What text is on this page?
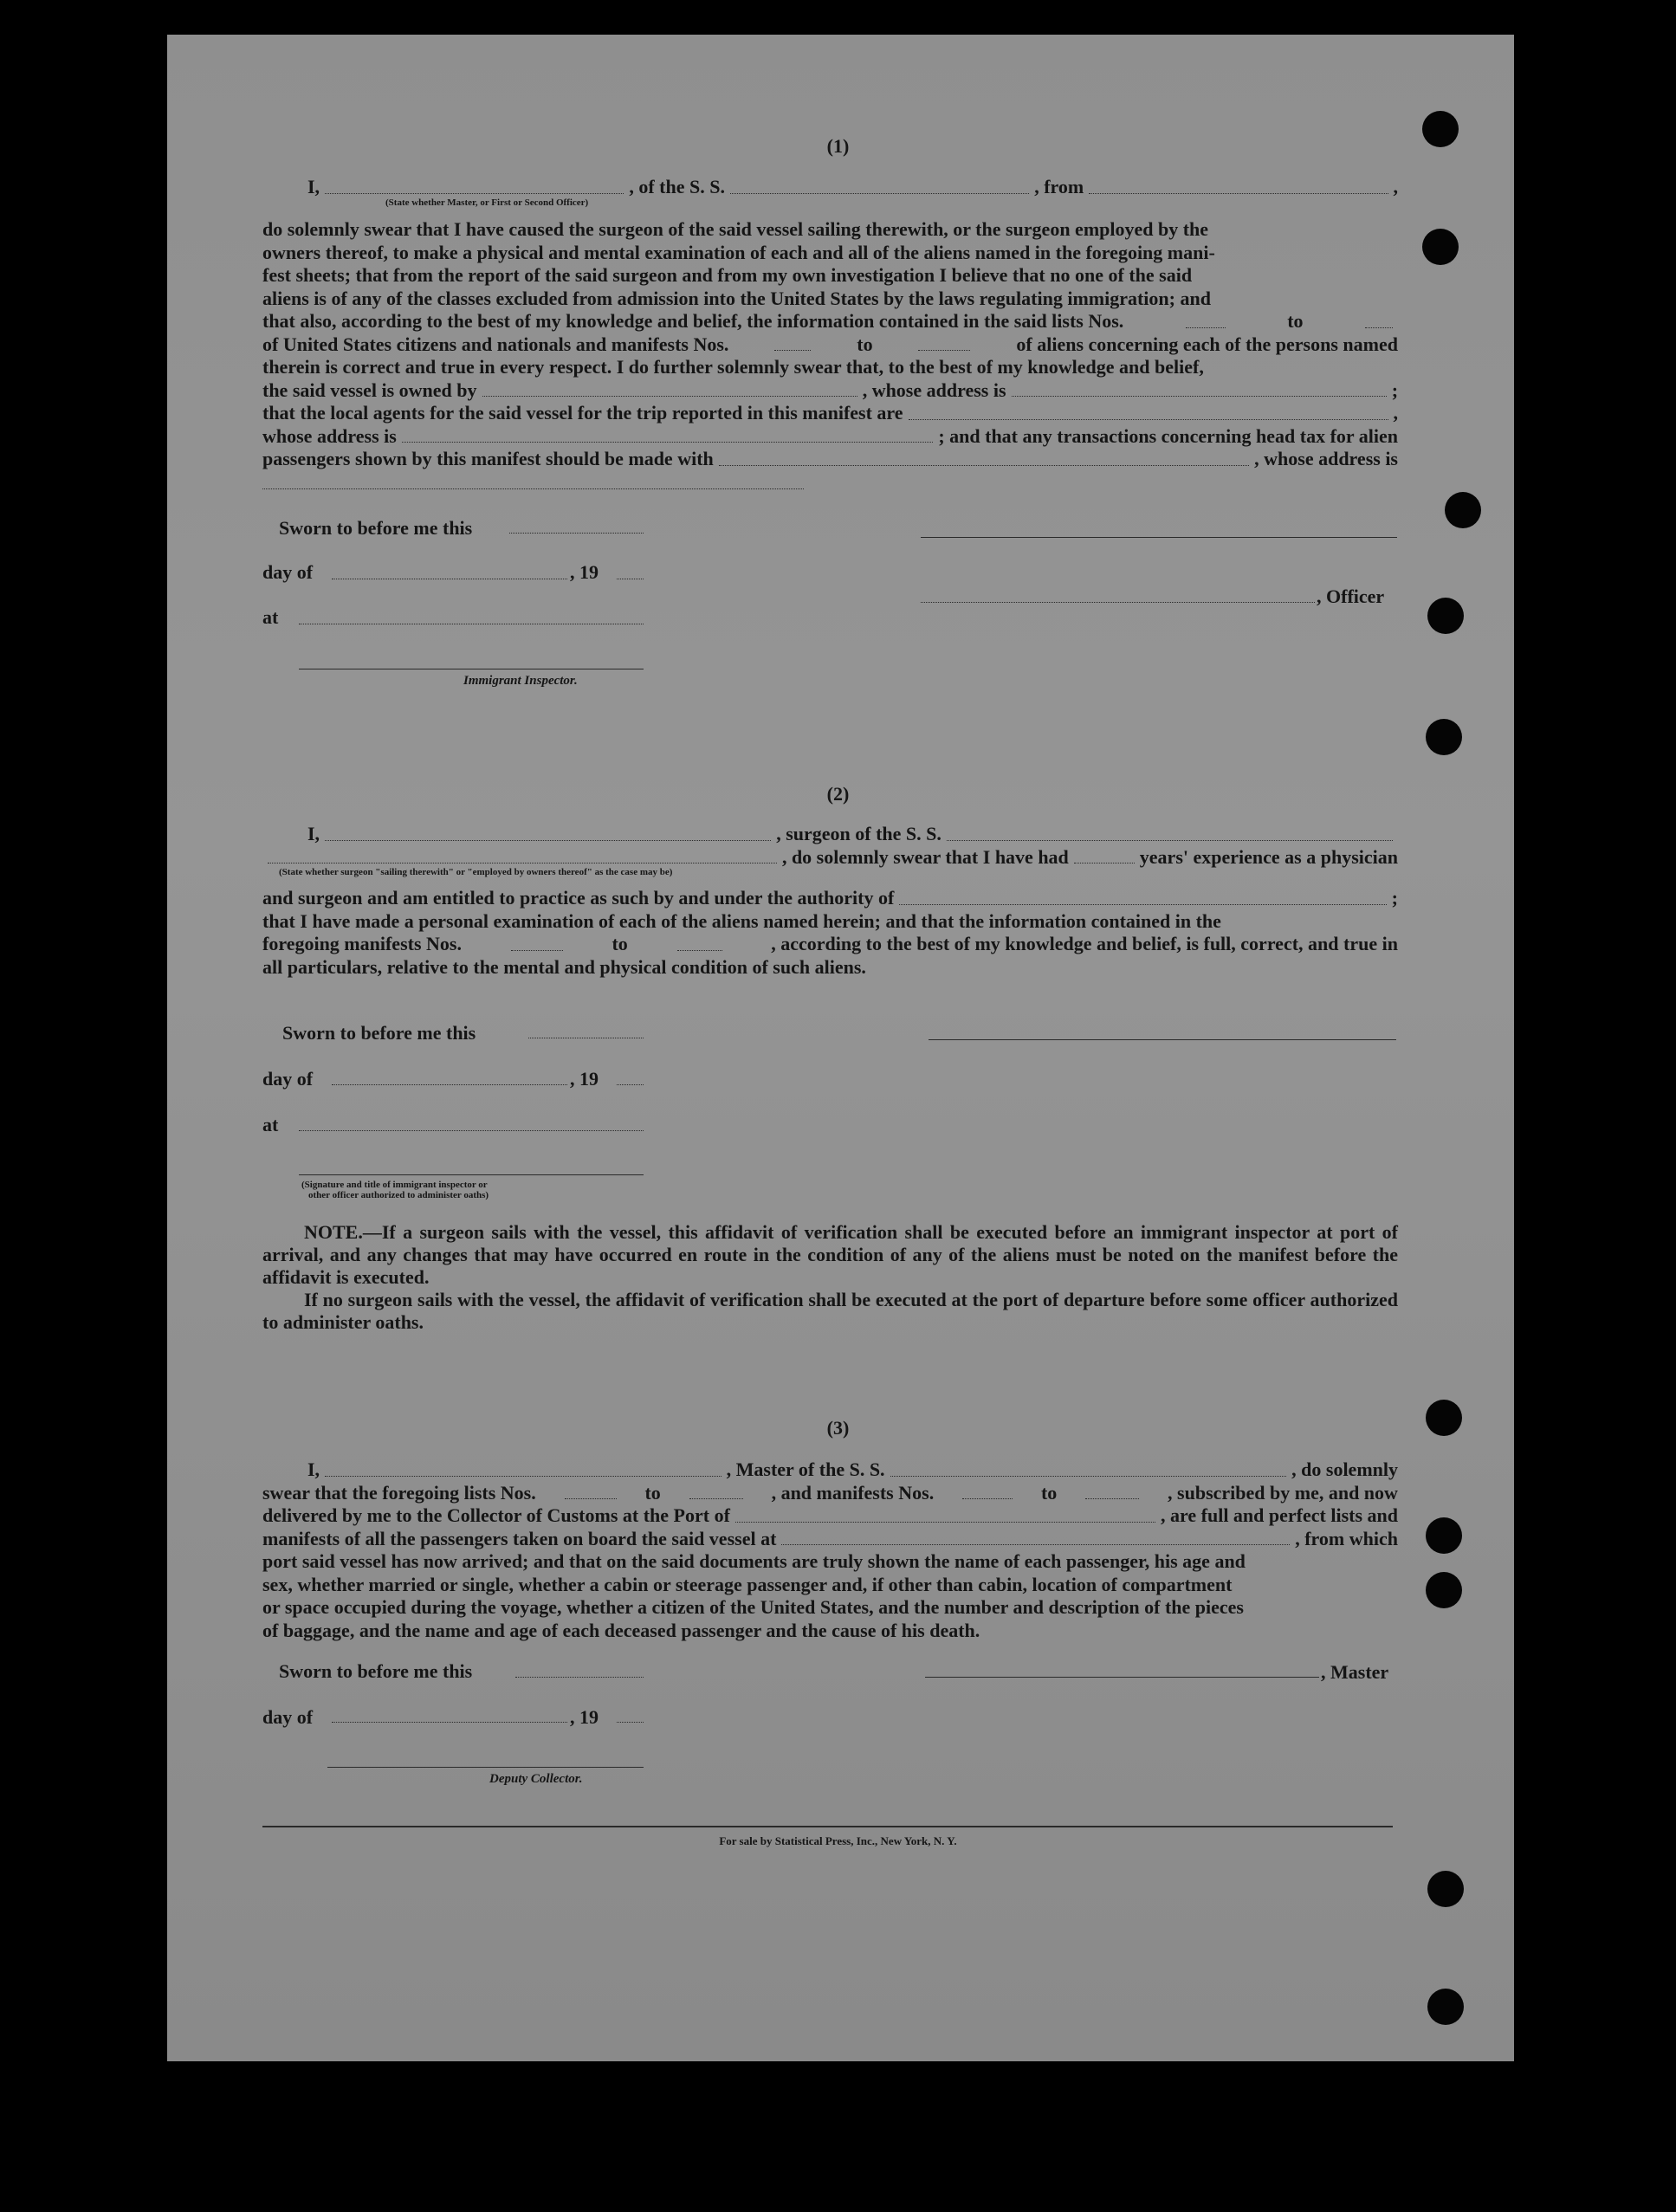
(1)
I,	, of the S. S.	, from	,
(State whether Master, or First or Second Officer)
do solemnly swear that I have caused the surgeon of the said vessel sailing therewith, or the surgeon employed by the
owners thereof, to make a physical and mental examination of each and all of the aliens named in the foregoing mani-
fest sheets; that from the report of the said surgeon and from my own investigation I believe that no one of the said
aliens is of any of the classes excluded from admission into the United States by the laws regulating immigration; and
that also, according to the best of my knowledge and belief, the information contained in the said lists Nos.	to
of United States citizens and nationals and manifests Nos.	to	of aliens concerning each of the persons named
therein is correct and true in every respect. I do further solemnly swear that, to the best of my knowledge and belief,
the said vessel is owned by	, whose address is	;
that the local agents for the said vessel for the trip reported in this manifest are	,
whose address is	; and that any transactions concerning head tax for alien
passengers shown by this manifest should be made with	, whose address is
Sworn to before me this
day of	, 19
, Officer
at
Immigrant Inspector.
(2)
I,	, surgeon of the S. S.
, do solemnly swear that I have had	years' experience as a physician
(State whether surgeon "sailing therewith" or "employed by owners thereof" as the case may be)
and surgeon and am entitled to practice as such by and under the authority of	;
that I have made a personal examination of each of the aliens named herein; and that the information contained in the
foregoing manifests Nos.	to	, according to the best of my knowledge and belief, is full, correct, and true in
all particulars, relative to the mental and physical condition of such aliens.
Sworn to before me this
day of	, 19
at
(Signature and title of immigrant inspector or
other officer authorized to administer oaths)

NOTE.—If a surgeon sails with the vessel, this affidavit of verification shall be executed before an immigrant inspector at port of arrival, and any changes that may have occurred en route in the condition of any of the aliens must be noted on the manifest before the affidavit is executed.

If no surgeon sails with the vessel, the affidavit of verification shall be executed at the port of departure before some officer authorized to administer oaths.

(3)
I,	, Master of the S. S.	, do solemnly
swear that the foregoing lists Nos.	to	, and manifests Nos.	to	, subscribed by me, and now
delivered by me to the Collector of Customs at the Port of	, are full and perfect lists and
manifests of all the passengers taken on board the said vessel at	, from which
port said vessel has now arrived; and that on the said documents are truly shown the name of each passenger, his age and
sex, whether married or single, whether a cabin or steerage passenger and, if other than cabin, location of compartment
or space occupied during the voyage, whether a citizen of the United States, and the number and description of the pieces
of baggage, and the name and age of each deceased passenger and the cause of his death.
Sworn to before me this	, Master
day of	, 19
Deputy Collector.
For sale by Statistical Press, Inc., New York, N. Y.
